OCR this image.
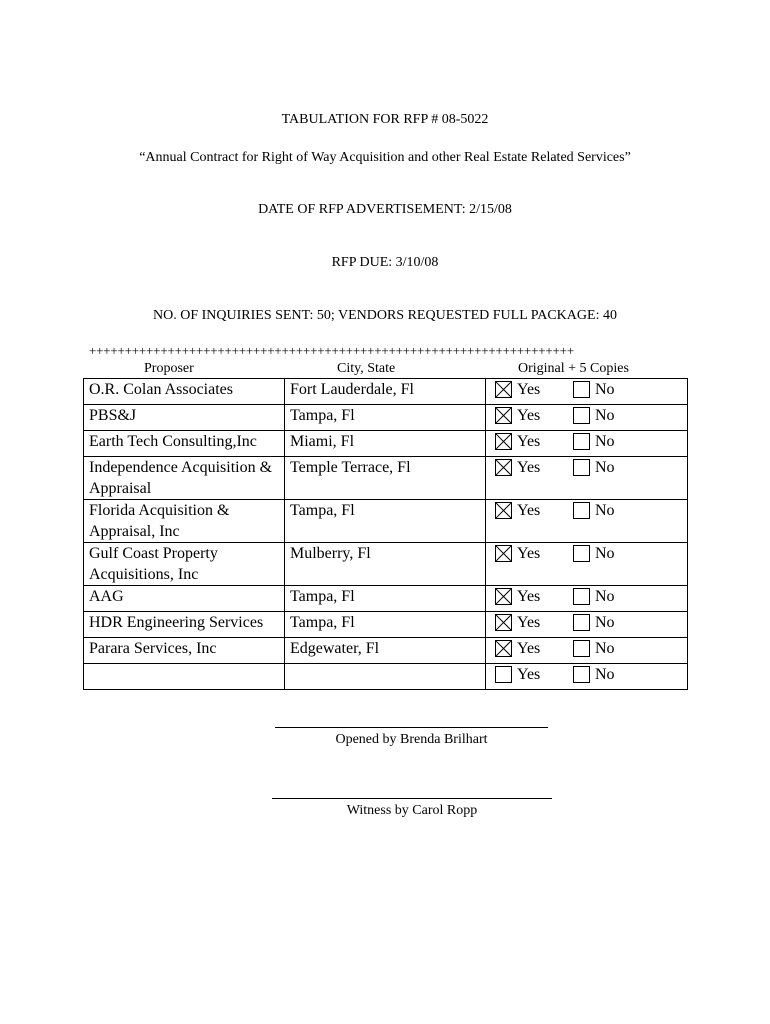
TABULATION FOR RFP # 08-5022
“Annual Contract for Right of Way Acquisition and other Real Estate Related Services”
DATE OF RFP ADVERTISEMENT: 2/15/08
RFP DUE: 3/10/08
NO. OF INQUIRIES SENT: 50; VENDORS REQUESTED FULL PACKAGE: 40
++++++++++++++++++++++++++++++++++++++++++++++++++++++++++++++++++++
Proposer	City, State	Original + 5 Copies
O.R. Colan Associates	Fort Lauderdale, Fl	Yes No

PBS&J	Tampa, Fl	Yes No

Earth Tech Consulting,Inc	Miami, Fl	Yes No

Independence Acquisition & Appraisal	Temple Terrace, Fl	Yes No

Florida Acquisition & Appraisal, Inc	Tampa, Fl	Yes No

Gulf Coast Property Acquisitions, Inc	Mulberry, Fl	Yes No

AAG	Tampa, Fl	Yes No

HDR Engineering Services	Tampa, Fl	Yes No

Parara Services, Inc	Edgewater, Fl	Yes No

		Yes No
Opened by Brenda Brilhart
Witness by Carol Ropp
